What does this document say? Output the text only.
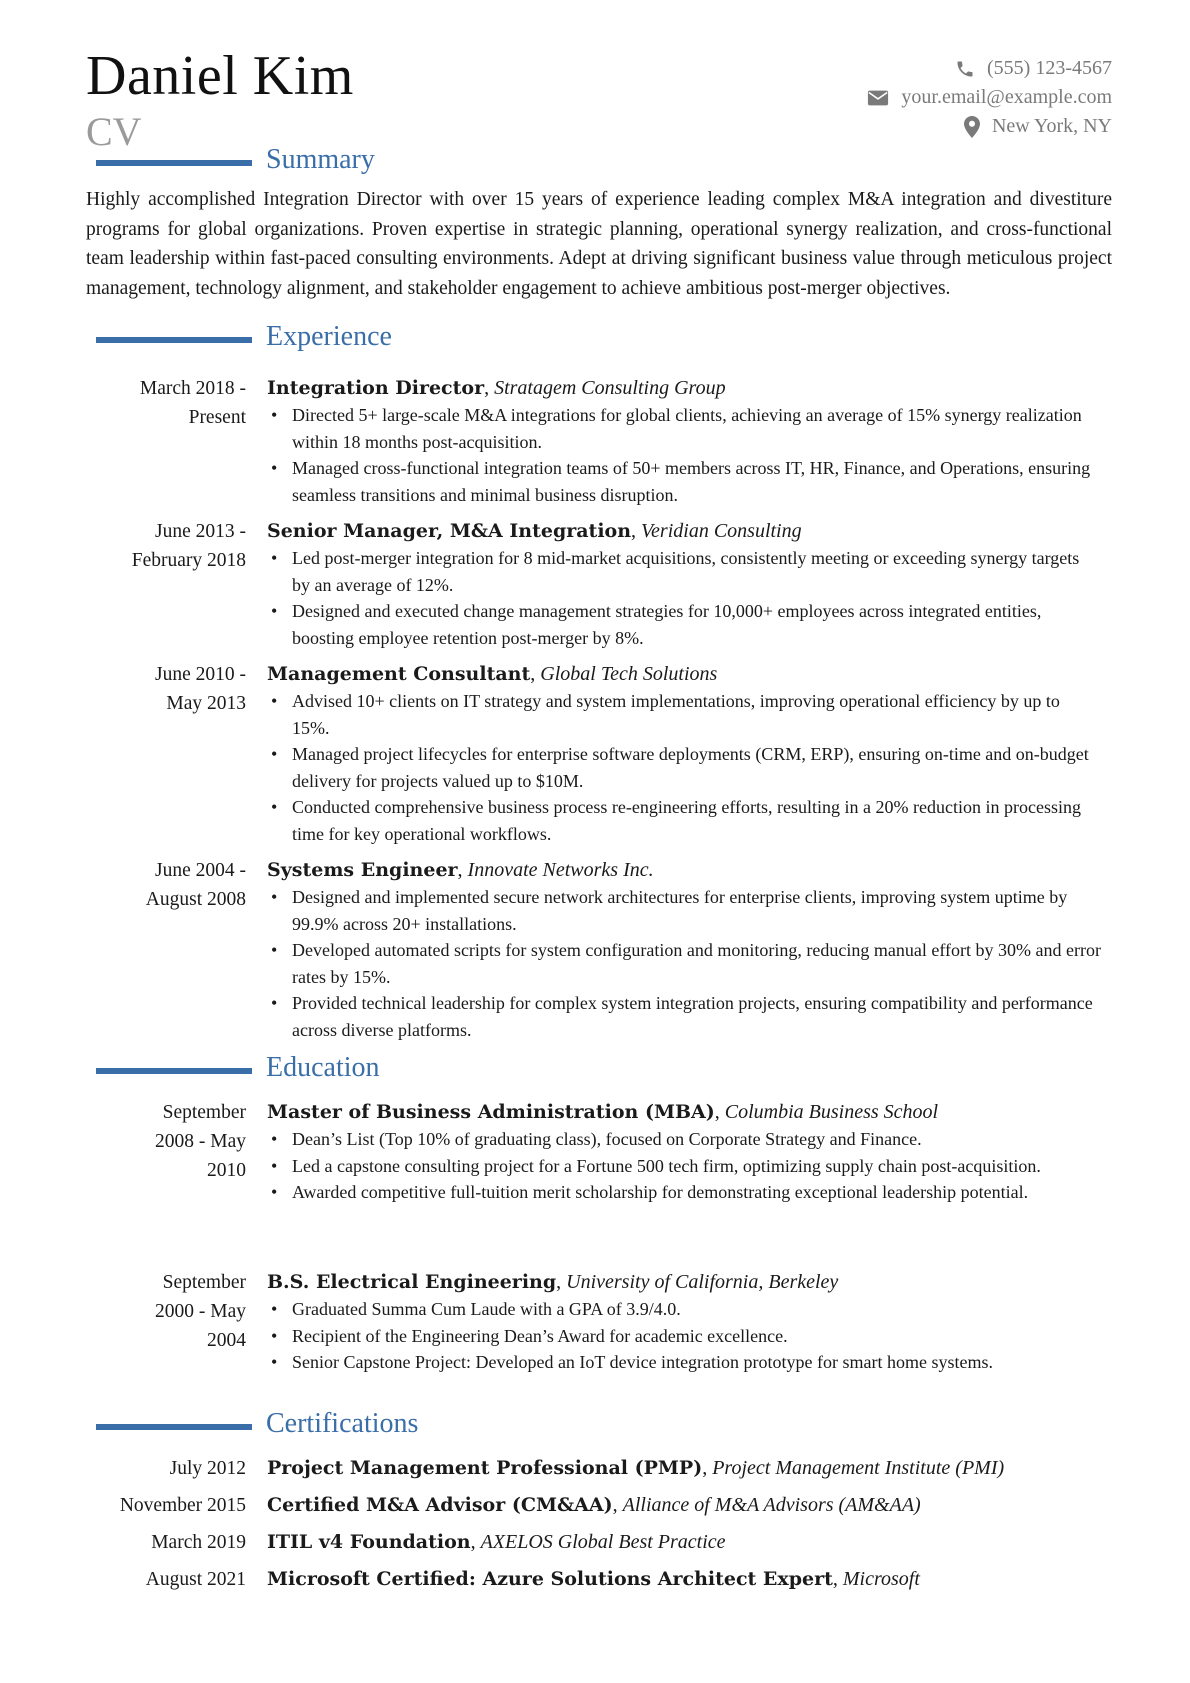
Daniel Kim
CV
(555) 123-4567
your.email@example.com
New York, NY
Summary
Highly accomplished Integration Director with over 15 years of experience leading complex M&A integration and divestiture programs for global organizations. Proven expertise in strategic planning, operational synergy realization, and cross-functional team leadership within fast-paced consulting environments. Adept at driving significant business value through meticulous project management, technology alignment, and stakeholder engagement to achieve ambitious post-merger objectives.
Experience
March 2018 -
Present
Integration Director, Stratagem Consulting Group
• Directed 5+ large-scale M&A integrations for global clients, achieving an average of 15% synergy realization within 18 months post-acquisition.
• Managed cross-functional integration teams of 50+ members across IT, HR, Finance, and Operations, ensuring seamless transitions and minimal business disruption.
June 2013 -
February 2018
Senior Manager, M&A Integration, Veridian Consulting
• Led post-merger integration for 8 mid-market acquisitions, consistently meeting or exceeding synergy targets by an average of 12%.
• Designed and executed change management strategies for 10,000+ employees across integrated entities, boosting employee retention post-merger by 8%.
June 2010 -
May 2013
Management Consultant, Global Tech Solutions
• Advised 10+ clients on IT strategy and system implementations, improving operational efficiency by up to 15%.
• Managed project lifecycles for enterprise software deployments (CRM, ERP), ensuring on-time and on-budget delivery for projects valued up to $10M.
• Conducted comprehensive business process re-engineering efforts, resulting in a 20% reduction in processing time for key operational workflows.
June 2004 -
August 2008
Systems Engineer, Innovate Networks Inc.
• Designed and implemented secure network architectures for enterprise clients, improving system uptime by 99.9% across 20+ installations.
• Developed automated scripts for system configuration and monitoring, reducing manual effort by 30% and error rates by 15%.
• Provided technical leadership for complex system integration projects, ensuring compatibility and performance across diverse platforms.
Education
September
2008 - May
2010
Master of Business Administration (MBA), Columbia Business School
• Dean’s List (Top 10% of graduating class), focused on Corporate Strategy and Finance.
• Led a capstone consulting project for a Fortune 500 tech firm, optimizing supply chain post-acquisition.
• Awarded competitive full-tuition merit scholarship for demonstrating exceptional leadership potential.
September
2000 - May
2004
B.S. Electrical Engineering, University of California, Berkeley
• Graduated Summa Cum Laude with a GPA of 3.9/4.0.
• Recipient of the Engineering Dean’s Award for academic excellence.
• Senior Capstone Project: Developed an IoT device integration prototype for smart home systems.
Certifications
July 2012 Project Management Professional (PMP), Project Management Institute (PMI)
November 2015 Certified M&A Advisor (CM&AA), Alliance of M&A Advisors (AM&AA)
March 2019 ITIL v4 Foundation, AXELOS Global Best Practice
August 2021 Microsoft Certified: Azure Solutions Architect Expert, Microsoft
